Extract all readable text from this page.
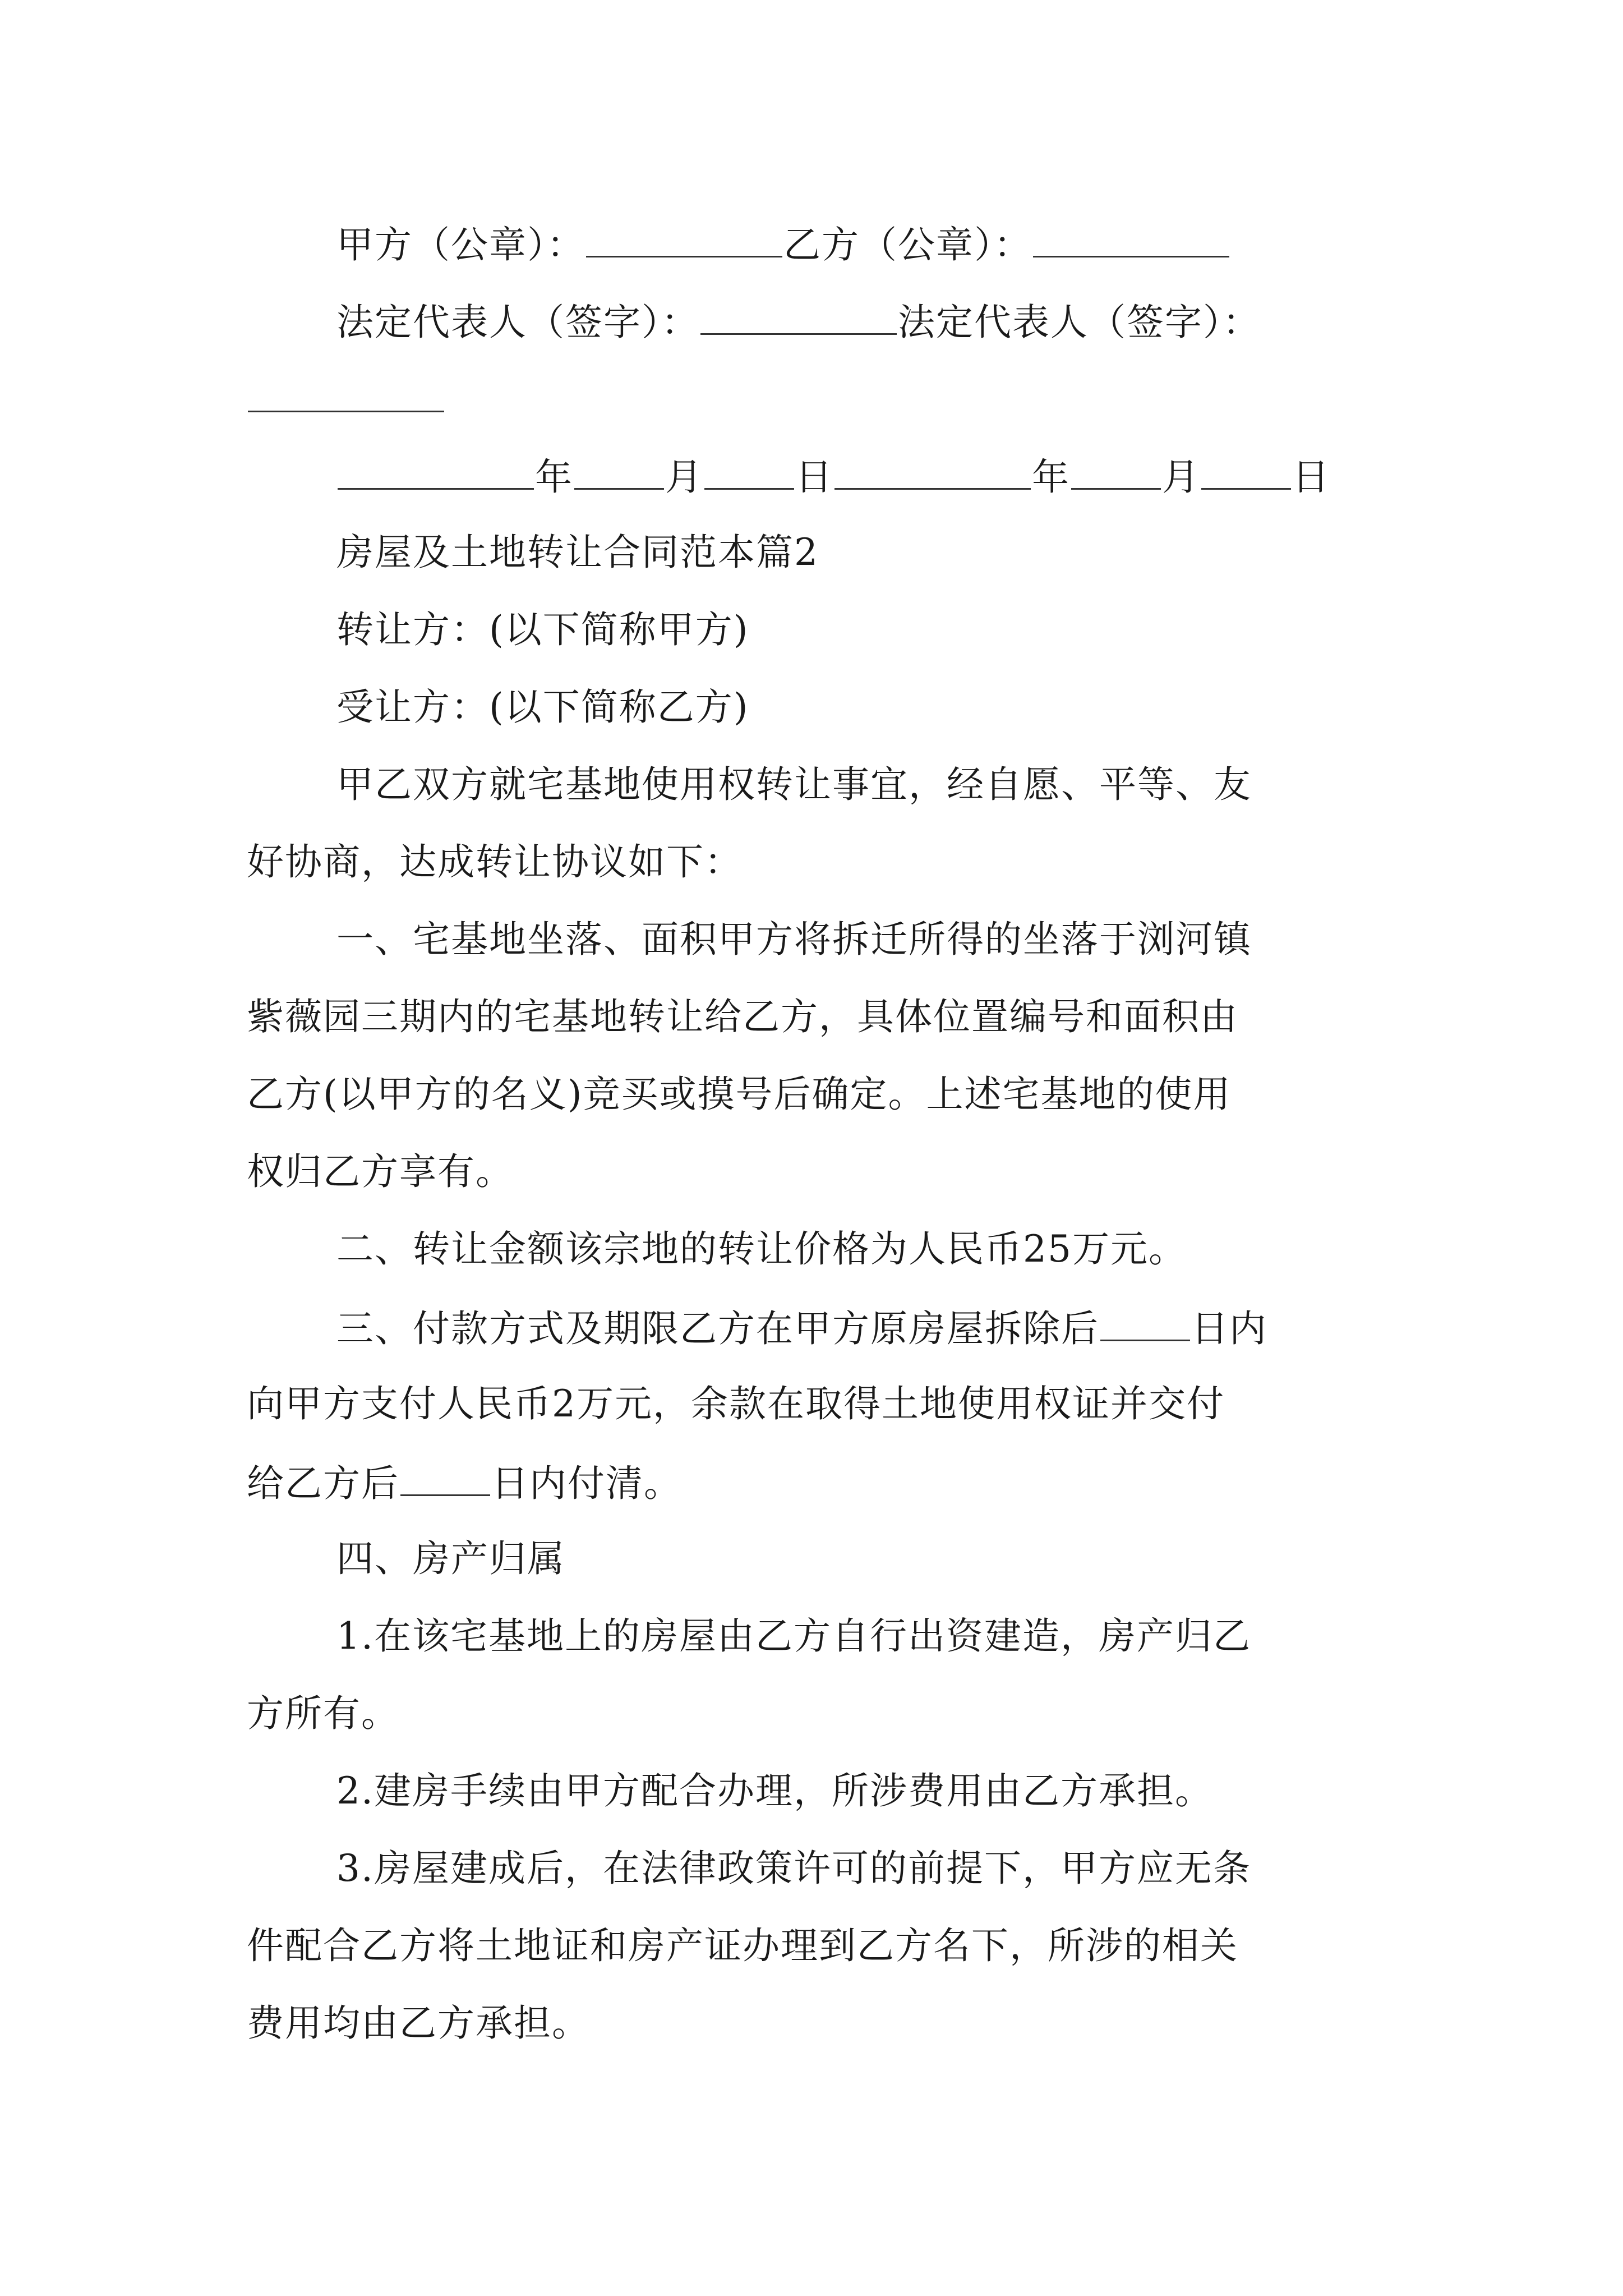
甲方（公章）：	乙方（公章）：
法定代表人（签字）：	法定代表人（签字）：
年 月 日	年 月 日
房屋及土地转让合同范本篇2
转让方：(以下简称甲方)
受让方：(以下简称乙方)
甲乙双方就宅基地使用权转让事宜，经自愿、平等、友
好协商，达成转让协议如下：
一、宅基地坐落、面积甲方将拆迁所得的坐落于浏河镇
紫薇园三期内的宅基地转让给乙方，具体位置编号和面积由
乙方(以甲方的名义)竞买或摸号后确定。上述宅基地的使用
权归乙方享有。
二、转让金额该宗地的转让价格为人民币25万元。
三、付款方式及期限乙方在甲方原房屋拆除后 日内
向甲方支付人民币2万元，余款在取得土地使用权证并交付
给乙方后 日内付清。
四、房产归属
1.在该宅基地上的房屋由乙方自行出资建造，房产归乙
方所有。
2.建房手续由甲方配合办理，所涉费用由乙方承担。
3.房屋建成后，在法律政策许可的前提下，甲方应无条
件配合乙方将土地证和房产证办理到乙方名下，所涉的相关
费用均由乙方承担。
